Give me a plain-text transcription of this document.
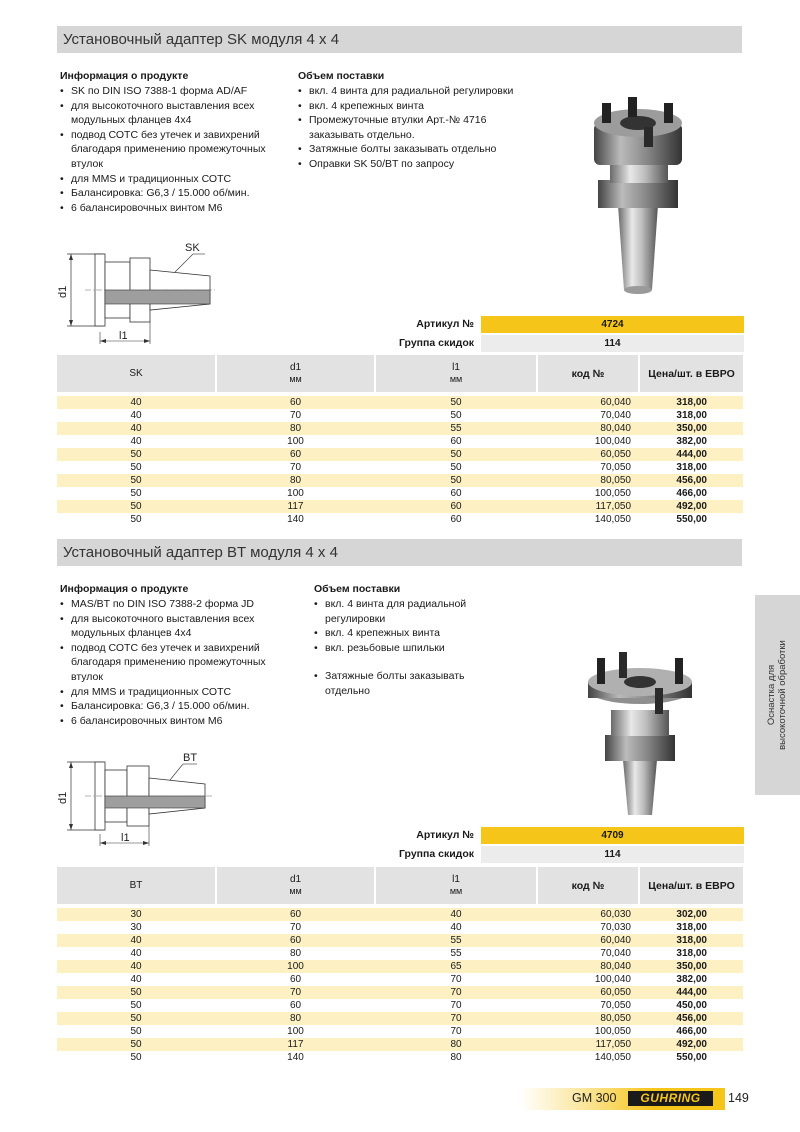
Установочный адаптер SK модуля 4 х 4
Информация о продукте
• SK по DIN ISO 7388-1 форма AD/AF
• для высокоточного выставления всех модульных фланцев 4x4
• подвод СОТС без утечек и завихрений благодаря применению промежуточных втулок
• для MMS и традиционных СОТС
• Балансировка: G6,3 / 15.000 об/мин.
• 6 балансировочных винтом М6
Объем поставки
• вкл. 4 винта для радиальной регулировки
• вкл. 4 крепежных винта
• Промежуточные втулки Арт.-№ 4716 заказывать отдельно.
• Затяжные болты заказывать отдельно
• Оправки SK 50/BT по запросу
SK
l1
d1
Артикул №	4724
Группа скидок	114
SK	d1
мм
l1
мм	код №	Цена/шт. в ЕВРО
40	60	50	60,040	318,00
40	70	50	70,040	318,00
40	80	55	80,040	350,00
40	100	60	100,040	382,00
50	60	50	60,050	444,00
50	70	50	70,050	318,00
50	80	50	80,050	456,00
50	100	60	100,050	466,00
50	117	60	117,050	492,00
50	140	60	140,050	550,00
Установочный адаптер BT модуля 4 х 4
Информация о продукте
• MAS/BT по DIN ISO 7388-2 форма JD
• для высокоточного выставления всех модульных фланцев 4x4
• подвод СОТС без утечек и завихрений благодаря применению промежуточных втулок
• для MMS и традиционных СОТС
• Балансировка: G6,3 / 15.000 об/мин.
• 6 балансировочных винтом М6
Объем поставки
• вкл. 4 винта для радиальной регулировки
• вкл. 4 крепежных винта
• вкл. резьбовые шпильки
• Затяжные болты заказывать отдельно
BT
l1
d1
Артикул №	4709
Группа скидок	114
BT	d1
мм
l1
мм	код №	Цена/шт. в ЕВРО
30	60	40	60,030	302,00
30	70	40	70,030	318,00
40	60	55	60,040	318,00
40	80	55	70,040	318,00
40	100	65	80,040	350,00
40	60	70	100,040	382,00
50	70	70	60,050	444,00
50	60	70	70,050	450,00
50	80	70	80,050	456,00
50	100	70	100,050	466,00
50	117	80	117,050	492,00
50	140	80	140,050	550,00
Оснастка для
высокоточной обработки
GM 300	GUHRING	149
